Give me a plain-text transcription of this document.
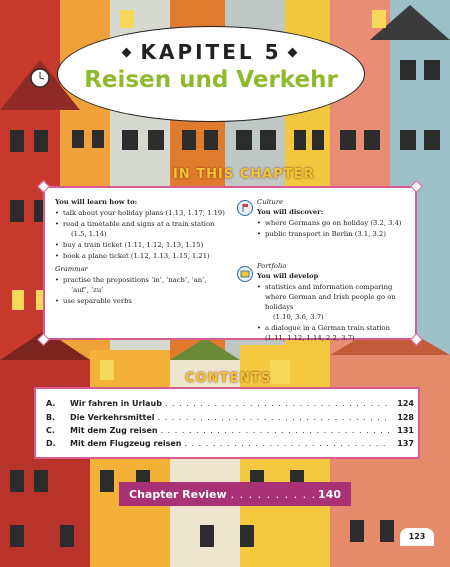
◆ KAPITEL 5 ◆
Reisen und Verkehr
IN THIS CHAPTER
You will learn how to:
• talk about your holiday plans (1.13, 1.17, 1.19)
• read a timetable and signs at a train station
(1.5, 1.14)
• buy a train ticket (1.11, 1.12, 1.13, 1.15)
• book a plane ticket (1.12, 1.13, 1.15, 1.21)
Grammar
• practise the prepositions ‘in’, ‘nach’, ‘an’,
‘auf’, ‘zu’
• use separable verbs
Culture
You will discover:
• where Germans go on holiday (3.2, 3.4)
• public transport in Berlin (3.1, 3.2)
Portfolio
You will develop
• statistics and information comparing where German and Irish people go on holidays
(1.10, 3.6, 3.7)
• a dialogue in a German train station (1.11, 1.12, 1.14, 2.2, 3.7)
CONTENTS
A.	Wir fahren in Urlaub . . .	124
B.	Die Verkehrsmittel . . .	128
C.	Mit dem Zug reisen . . .	131
D.	Mit dem Flugzeug reisen . . .	137
Chapter Review . . .	140
123
